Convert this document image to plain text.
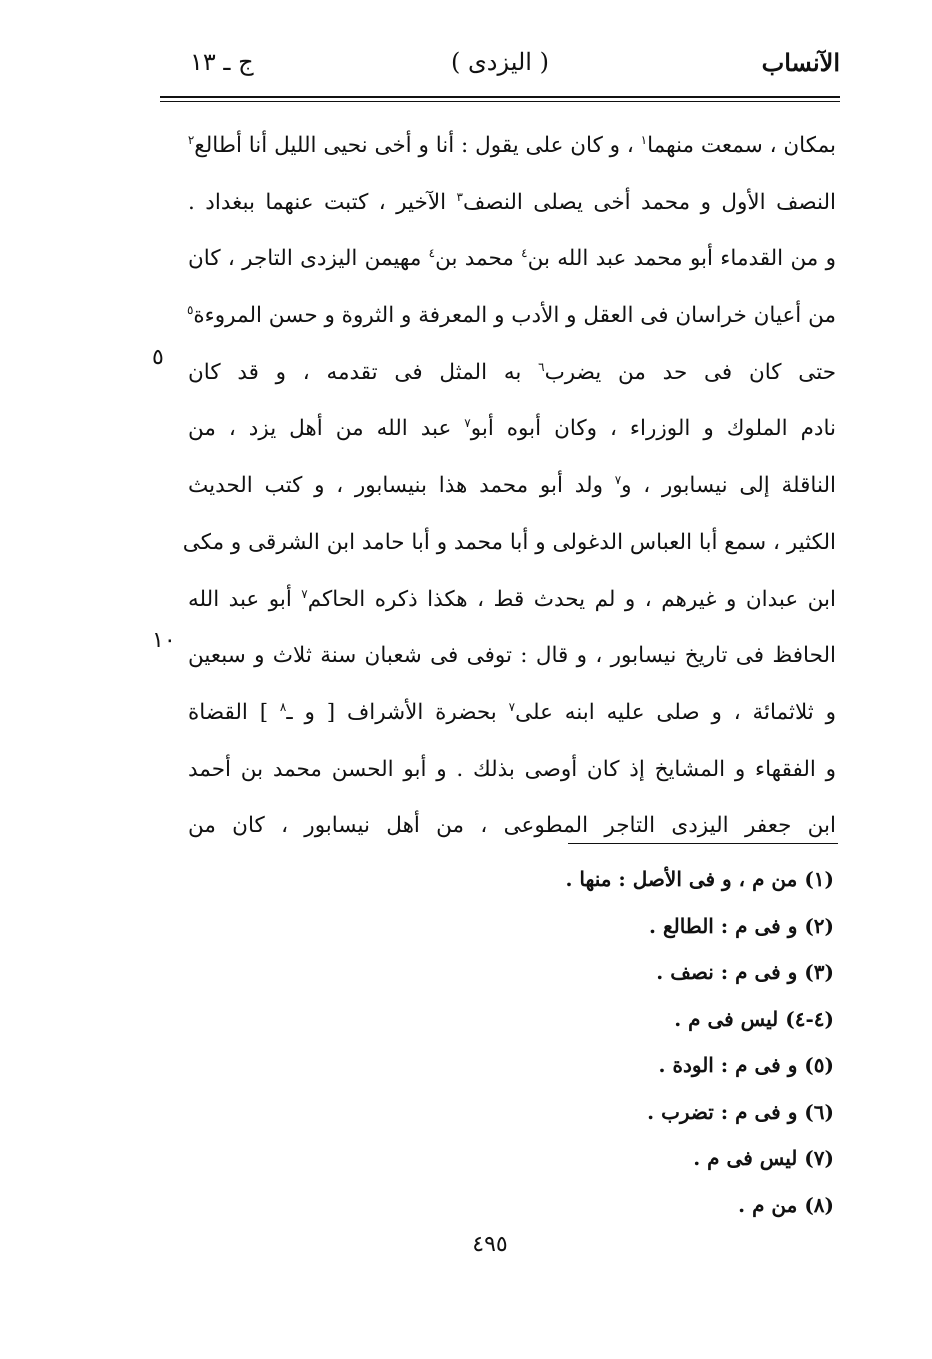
الآنساب
( اليزدى )
ج ـ ١٣
بمكان ، سمعت منهما$^١$ ، و كان على يقول : أنا و أخى نحيى الليل أنا أطالع$^٢$
النصف الأول و محمد أخى يصلى النصف$^٣$ الآخير ، كتبت عنهما ببغداد .
و من القدماء أبو محمد عبد الله بن$^٤$ محمد بن$^٤$ مهيمن اليزدى التاجر ، كان
من أعيان خراسان فى العقل و الأدب و المعرفة و الثروة و حسن المروءة$^٥$
حتى كان فى حد من يضرب$^٦$ به المثل فى تقدمه ، و قد كان
نادم الملوك و الوزراء ، وكان أبوه أبو$^٧$ عبد الله من أهل يزد ، من
الناقلة إلى نيسابور ، و$^٧$ ولد أبو محمد هذا بنيسابور ، و كتب الحديث
الكثير ، سمع أبا العباس الدغولى و أبا محمد و أبا حامد ابن الشرقى و مكى
ابن عبدان و غيرهم ، و لم يحدث قط ، هكذا ذكره الحاكم$^٧$ أبو عبد الله
الحافظ فى تاريخ نيسابور ، و قال : توفى فى شعبان سنة ثلاث و سبعين
و ثلاثمائة ، و صلى عليه ابنه على$^٧$ بحضرة الأشراف [ و ـ$^٨$ ] القضاة
و الفقهاء و المشايخ إذ كان أوصى بذلك . و أبو الحسن محمد بن أحمد
ابن جعفر اليزدى التاجر المطوعى ، من أهل نيسابور ، كان من
٥
١٠
(١) من م ، و فى الأصل : منها .
(٢) و فى م : الطالع .
(٣) و فى م : نصف .
(٤-٤) ليس فى م .
(٥) و فى م : الودة .
(٦) و فى م : تضرب .
(٧) ليس فى م .
(٨) من م .
٤٩٥
